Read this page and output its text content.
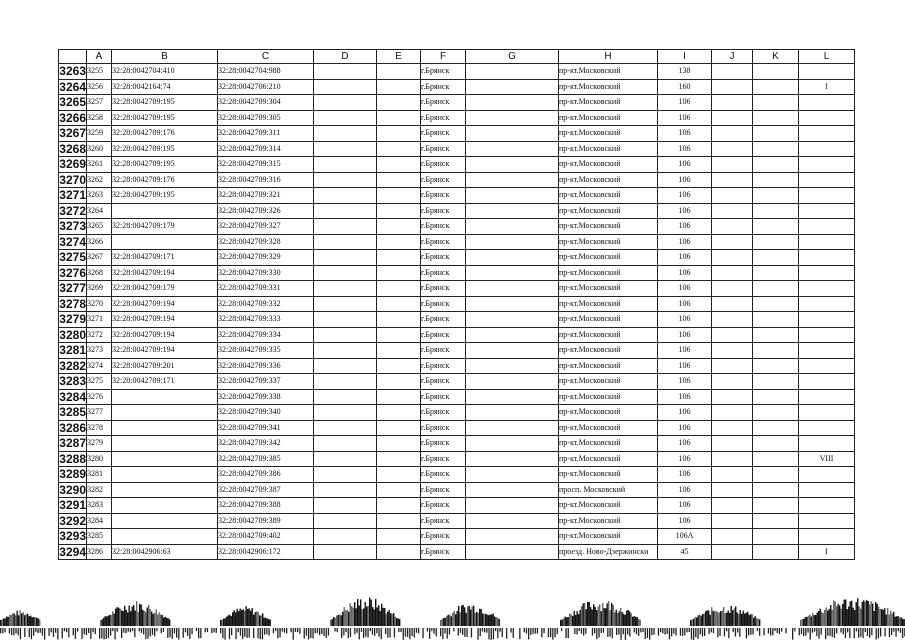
	A	B	C	D	E	F	G	H	I	J	K	L
3263	3255	32:28:0042704:410	32:28:0042704:988			г.Брянск		пр-кт.Московский	138			
3264	3256	32:28:0042164:74	32:28:0042706:210			г.Брянск		пр-кт.Московский	160			I
3265	3257	32:28:0042709:195	32:28:0042709:304			г.Брянск		пр-кт.Московский	106			
3266	3258	32:28:0042709:195	32:28:0042709:305			г.Брянск		пр-кт.Московский	106			
3267	3259	32:28:0042709:176	32:28:0042709:311			г.Брянск		пр-кт.Московский	106			
3268	3260	32:28:0042709:195	32:28:0042709:314			г.Брянск		пр-кт.Московский	106			
3269	3261	32:28:0042709:195	32:28:0042709:315			г.Брянск		пр-кт.Московский	106			
3270	3262	32:28:0042709:176	32:28:0042709:316			г.Брянск		пр-кт.Московский	106			
3271	3263	32:28:0042709:195	32:28:0042709:321			г.Брянск		пр-кт.Московский	106			
3272	3264		32:28:0042709:326			г.Брянск		пр-кт.Московский	106			
3273	3265	32:28:0042709:179	32:28:0042709:327			г.Брянск		пр-кт.Московский	106			
3274	3266		32:28:0042709:328			г.Брянск		пр-кт.Московский	106			
3275	3267	32:28:0042709:171	32:28:0042709:329			г.Брянск		пр-кт.Московский	106			
3276	3268	32:28:0042709:194	32:28:0042709:330			г.Брянск		пр-кт.Московский	106			
3277	3269	32:28:0042709:179	32:28:0042709:331			г.Брянск		пр-кт.Московский	106			
3278	3270	32:28:0042709:194	32:28:0042709:332			г.Брянск		пр-кт.Московский	106			
3279	3271	32:28:0042709:194	32:28:0042709:333			г.Брянск		пр-кт.Московский	106			
3280	3272	32:28:0042709:194	32:28:0042709:334			г.Брянск		пр-кт.Московский	106			
3281	3273	32:28:0042709:194	32:28:0042709:335			г.Брянск		пр-кт.Московский	106			
3282	3274	32:28:0042709:201	32:28:0042709:336			г.Брянск		пр-кт.Московский	106			
3283	3275	32:28:0042709:171	32:28:0042709:337			г.Брянск		пр-кт.Московский	106			
3284	3276		32:28:0042709:338			г.Брянск		пр-кт.Московский	106			
3285	3277		32:28:0042709:340			г.Брянск		пр-кт.Московский	106			
3286	3278		32:28:0042709:341			г.Брянск		пр-кт.Московский	106			
3287	3279		32:28:0042709:342			г.Брянск		пр-кт.Московский	106			
3288	3280		32:28:0042709:385			г.Брянск		пр-кт.Московский	106			VIII
3289	3281		32:28:0042709:386			г.Брянск		пр-кт.Московский	106			
3290	3282		32:28:0042709:387			г.Брянск		просп. Московский	106			
3291	3283		32:28:0042709:388			г.Брянск		пр-кт.Московский	106			
3292	3284		32:28:0042709:389			г.Брянск		пр-кт.Московский	106			
3293	3285		32:28:0042709:402			г.Брянск		пр-кт.Московский	106А			
3294	3286	32:28:0042906:63	32:28:0042906:172			г.Брянск		проезд. Ново-Дзержински	45			I
